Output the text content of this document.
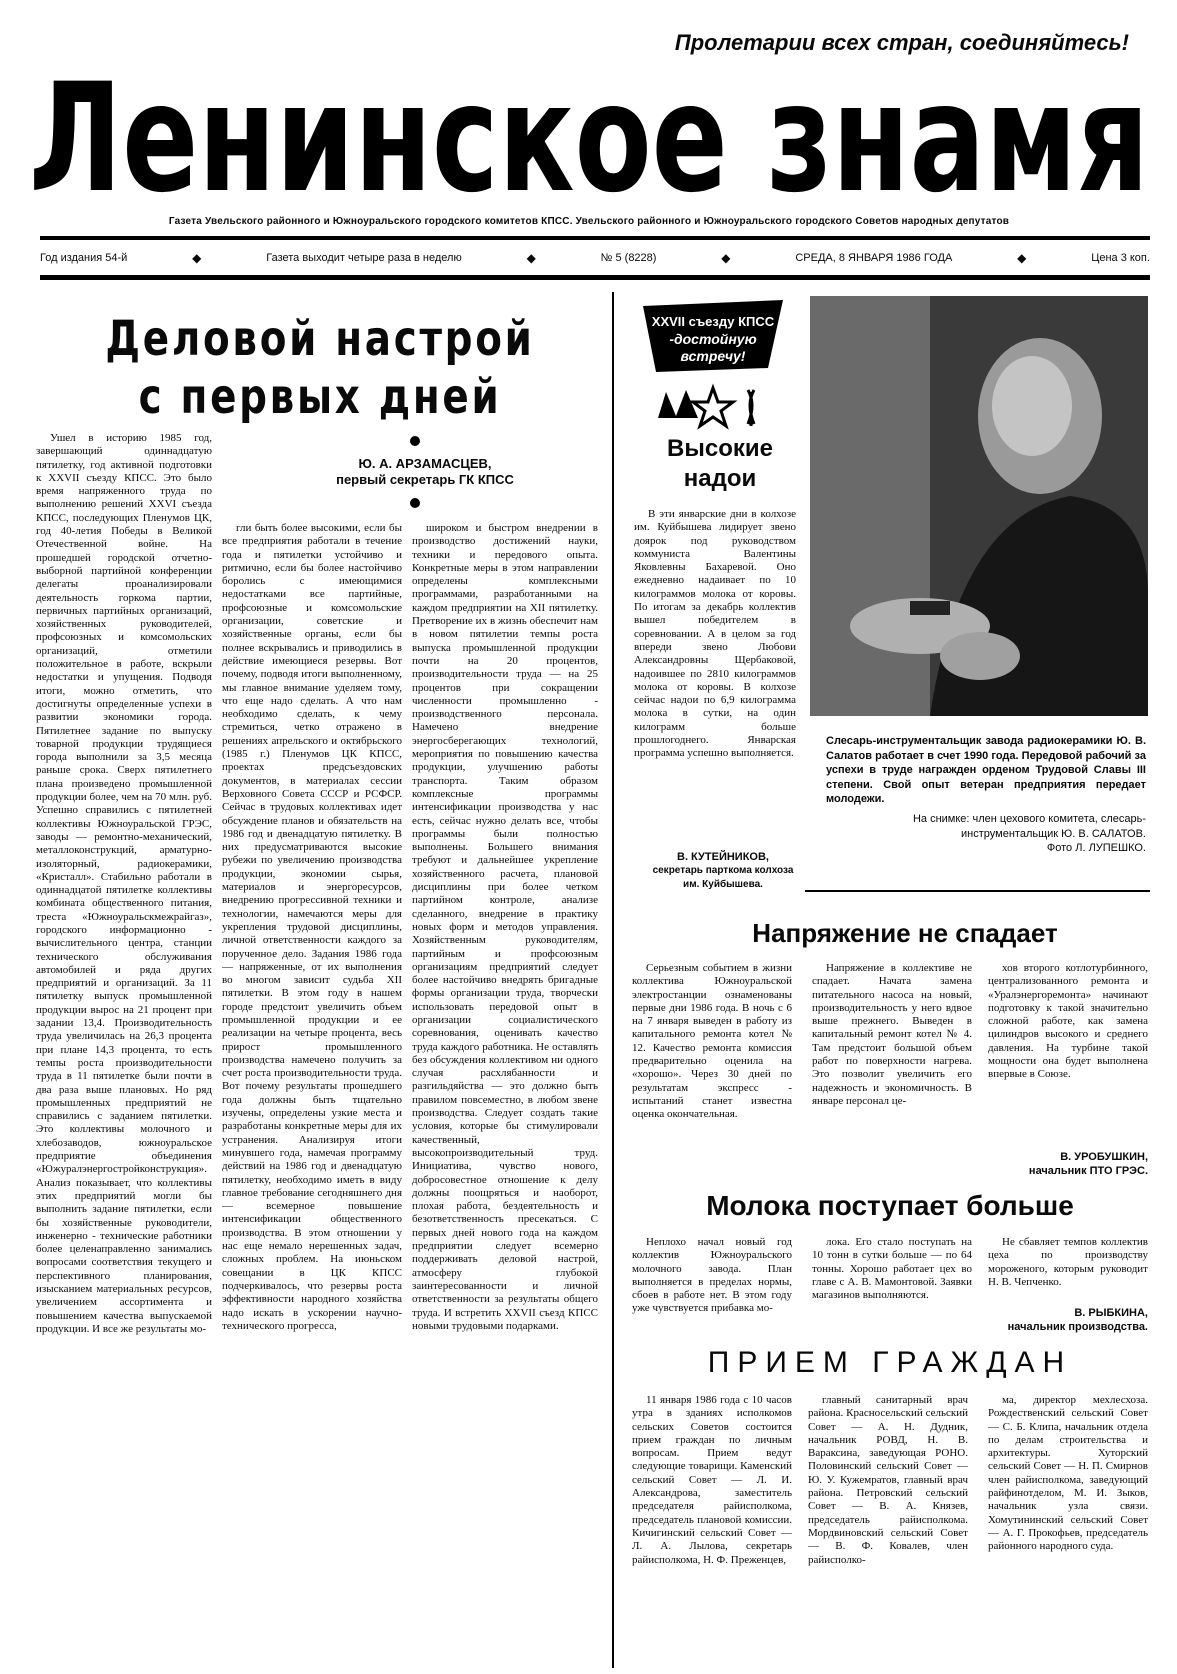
Пролетарии всех стран, соединяйтесь!
Ленинское знамя
Газета Увельского районного и Южноуральского городского комитетов КПСС. Увельского районного и Южноуральского городского Советов народных депутатов
Год издания 54-й	◆	Газета выходит четыре раза в неделю	◆	№ 5 (8228)	◆	СРЕДА, 8 ЯНВАРЯ 1986 ГОДА	◆	Цена 3 коп.
Деловой настрой
с первых дней
Ю. А. АРЗАМАСЦЕВ,
первый секретарь ГК КПСС

Ушел в историю 1985 год, завершающий одиннадцатую пятилетку, год активной подготовки к XXVII съезду КПСС. Это было время напряженного труда по выполнению решений XXVI съезда КПСС, последующих Пленумов ЦК, год 40-летия Победы в Великой Отечественной войне. На прошедшей городской отчетно-выборной партийной конференции делегаты проанализировали деятельность горкома партии, первичных партийных организаций, хозяйственных руководителей, профсоюзных и комсомольских организаций, отметили положительное в работе, вскрыли недостатки и упущения. Подводя итоги, можно отметить, что достигнуты определенные успехи в развитии экономики города. Пятилетнее задание по выпуску товарной продукции трудящиеся города выполнили за 3,5 месяца раньше срока. Сверх пятилетнего плана произведено промышленной продукции более, чем на 70 млн. руб. Успешно справились с пятилетней коллективы Южноуральской ГРЭС, заводы — ремонтно-механический, металлоконструкций, арматурно-изоляторный, радиокерамики, «Кристалл». Стабильно работали в одиннадцатой пятилетке коллективы комбината общественного питания, треста «Южноуральскмежрайгаз», городского информационно - вычислительного центра, станции технического обслуживания автомобилей и ряда других предприятий и организаций. За 11 пятилетку выпуск промышленной продукции вырос на 21 процент при задании 13,4. Производительность труда увеличилась на 26,3 процента при плане 14,3 процента, то есть темпы роста производительности труда в 11 пятилетке были почти в два раза выше плановых. Но ряд промышленных предприятий не справились с заданием пятилетки. Это коллективы молочного и хлебозаводов, южноуральское предприятие объединения «Южуралэнергостройконструкция». Анализ показывает, что коллективы этих предприятий могли бы выполнить задание пятилетки, если бы хозяйственные руководители, инженерно - технические работники более целенаправленно занимались вопросами соответствия текущего и перспективного планирования, изысканием материальных ресурсов, увеличением ассортимента и повышением качества выпускаемой продукции. И все же результаты мо-

гли быть более высокими, если бы все предприятия работали в течение года и пятилетки устойчиво и ритмично, если бы более настойчиво боролись с имеющимися недостатками все партийные, профсоюзные и комсомольские организации, советские и хозяйственные органы, если бы полнее вскрывались и приводились в действие имеющиеся резервы. Вот почему, подводя итоги выполненному, мы главное внимание уделяем тому, что еще надо сделать. А что нам необходимо сделать, к чему стремиться, четко отражено в решениях апрельского и октябрьского (1985 г.) Пленумов ЦК КПСС, проектах предсъездовских документов, в материалах сессии Верховного Совета СССР и РСФСР. Сейчас в трудовых коллективах идет обсуждение планов и обязательств на 1986 год и двенадцатую пятилетку. В них предусматриваются высокие рубежи по увеличению производства продукции, экономии сырья, материалов и энергоресурсов, внедрению прогрессивной техники и технологии, намечаются меры для укрепления трудовой дисциплины, личной ответственности каждого за порученное дело. Задания 1986 года — напряженные, от их выполнения во многом зависит судьба XII пятилетки. В этом году в нашем городе предстоит увеличить объем промышленной продукции и ее реализации на четыре процента, весь прирост промышленного производства намечено получить за счет роста производительности труда. Вот почему результаты прошедшего года должны быть тщательно изучены, определены узкие места и разработаны конкретные меры для их устранения. Анализируя итоги минувшего года, намечая программу действий на 1986 год и двенадцатую пятилетку, необходимо иметь в виду главное требование сегодняшнего дня — всемерное повышение интенсификации общественного производства. В этом отношении у нас еще немало нерешенных задач, сложных проблем. На июньском совещании в ЦК КПСС подчеркивалось, что резервы роста эффективности народного хозяйства надо искать в ускорении научно-технического прогресса,

широком и быстром внедрении в производство достижений науки, техники и передового опыта. Конкретные меры в этом направлении определены комплексными программами, разработанными на каждом предприятии на XII пятилетку. Претворение их в жизнь обеспечит нам в новом пятилетии темпы роста выпуска промышленной продукции почти на 20 процентов, производительности труда — на 25 процентов при сокращении численности промышленно - производственного персонала. Намечено внедрение энергосберегающих технологий, мероприятия по повышению качества продукции, улучшению работы транспорта. Таким образом комплексные программы интенсификации производства у нас есть, сейчас нужно делать все, чтобы программы были полностью выполнены. Большего внимания требуют и дальнейшее укрепление хозяйственного расчета, плановой дисциплины при более четком партийном контроле, анализе сделанного, внедрение в практику новых форм и методов управления. Хозяйственным руководителям, партийным и профсоюзным организациям предприятий следует более настойчиво внедрять бригадные формы организации труда, творчески использовать передовой опыт в организации социалистического соревнования, оценивать качество труда каждого работника. Не оставлять без обсуждения коллективом ни одного случая расхлябанности и разгильдяйства — это должно быть правилом повсеместно, в любом звене производства. Следует создать такие условия, которые бы стимулировали качественный, высокопроизводительный труд. Инициатива, чувство нового, добросовестное отношение к делу должны поощряться и наоборот, плохая работа, бездеятельность и безответственность пресекаться. С первых дней нового года на каждом предприятии следует всемерно поддерживать деловой настрой, атмосферу глубокой заинтересованности и личной ответственности за результаты общего труда. И встретить XXVII съезд КПСС новыми трудовыми подарками.

XXVII съезду КПСС
-достойную
встречу!
Высокие надои

В эти январские дни в колхозе им. Куйбышева лидирует звено доярок под руководством коммуниста Валентины Яковлевны Бахаревой. Оно ежедневно надаивает по 10 килограммов молока от коровы. По итогам за декабрь коллектив вышел победителем в соревновании. А в целом за год впереди звено Любови Александровны Щербаковой, надоившее по 2810 килограммов молока от коровы. В колхозе сейчас надои по 6,9 килограмма молока в сутки, на один килограмм больше прошлогоднего. Январская программа успешно выполняется.

В. КУТЕЙНИКОВ,
секретарь парткома колхоза им. Куйбышева.
Слесарь-инструментальщик завода радиокерамики Ю. В. Салатов работает в счет 1990 года. Передовой рабочий за успехи в труде награжден орденом Трудовой Славы III степени. Свой опыт ветеран предприятия передает молодежи.
На снимке: член цехового комитета, слесарь-инструментальщик Ю. В. САЛАТОВ.
Фото Л. ЛУПЕШКО.
Напряжение не спадает

Серьезным событием в жизни коллектива Южноуральской электростанции ознаменованы первые дни 1986 года. В ночь с 6 на 7 января выведен в работу из капитального ремонта котел № 12. Качество ремонта комиссия предварительно оценила на «хорошо». Через 30 дней по результатам экспресс - испытаний станет известна оценка окончательная.

Напряжение в коллективе не спадает. Начата замена питательного насоса на новый, производительность у него вдвое выше прежнего. Выведен в капитальный ремонт котел № 4. Там предстоит большой объем работ по поверхности нагрева. Это позволит увеличить его надежность и экономичность. В январе персонал це-

хов второго котлотурбинного, централизованного ремонта и «Уралэнергоремонта» начинают подготовку к такой значительно сложной работе, как замена цилиндров высокого и среднего давления. На турбине такой мощности она будет выполнена впервые в Союзе.

В. УРОБУШКИН,
начальник ПТО ГРЭС.
Молока поступает больше

Неплохо начал новый год коллектив Южноуральского молочного завода. План выполняется в пределах нормы, сбоев в работе нет. В этом году уже чувствуется прибавка мо-

лока. Его стало поступать на 10 тонн в сутки больше — по 64 тонны. Хорошо работает цех во главе с А. В. Мамонтовой. Заявки магазинов выполняются.

Не сбавляет темпов коллектив цеха по производству мороженого, которым руководит Н. В. Чепченко.

В. РЫБКИНА,
начальник производства.
ПРИЕМ ГРАЖДАН

11 января 1986 года с 10 часов утра в зданиях исполкомов сельских Советов состоится прием граждан по личным вопросам. Прием ведут следующие товарищи. Каменский сельский Совет — Л. И. Александрова, заместитель председателя райисполкома, председатель плановой комиссии. Кичигинский сельский Совет — Л. А. Лылова, секретарь райисполкома, Н. Ф. Преженцев,

главный санитарный врач района. Красносельский сельский Совет — А. Н. Дудник, начальник РОВД, Н. В. Вараксина, заведующая РОНО. Половинский сельский Совет — Ю. У. Кужемратов, главный врач района. Петровский сельский Совет — В. А. Князев, председатель райисполкома. Мордвиновский сельский Совет — В. Ф. Ковалев, член райисполко-

ма, директор мехлесхоза. Рождественский сельский Совет — С. Б. Клипа, начальник отдела по делам строительства и архитектуры. Хуторский сельский Совет — Н. П. Смирнов член райисполкома, заведующий райфинотделом, М. И. Зыков, начальник узла связи. Хомутининский сельский Совет — А. Г. Прокофьев, председатель районного народного суда.
